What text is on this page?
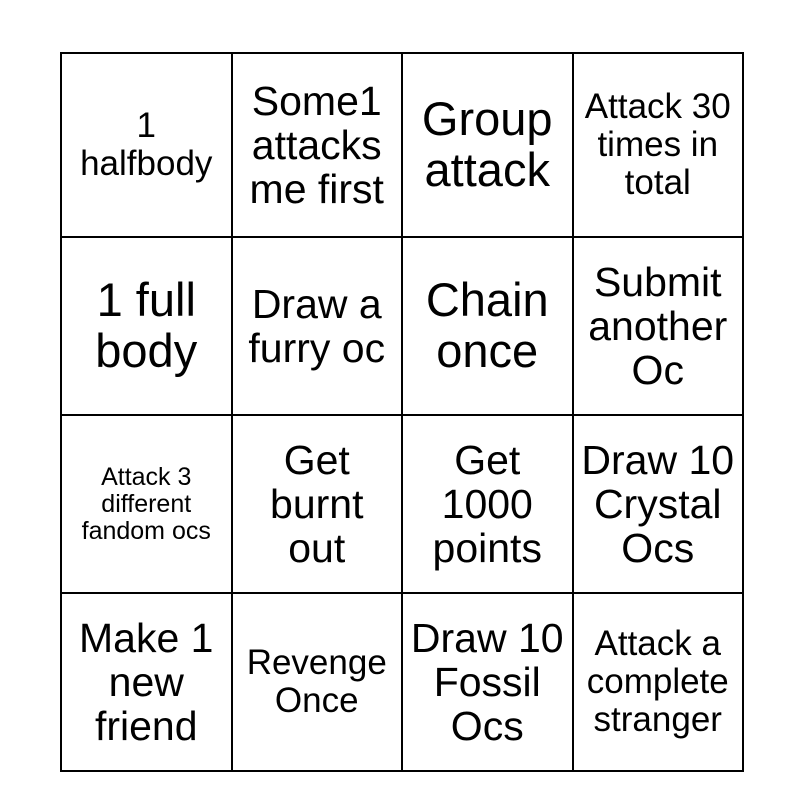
1 halfbody	Some1 attacks me first	Group attack	Attack 30 times in total
1 full body	Draw a furry oc	Chain once	Submit another Oc
Attack 3 different fandom ocs	Get burnt out	Get 1000 points	Draw 10 Crystal Ocs
Make 1 new friend	Revenge Once	Draw 10 Fossil Ocs	Attack a complete stranger
